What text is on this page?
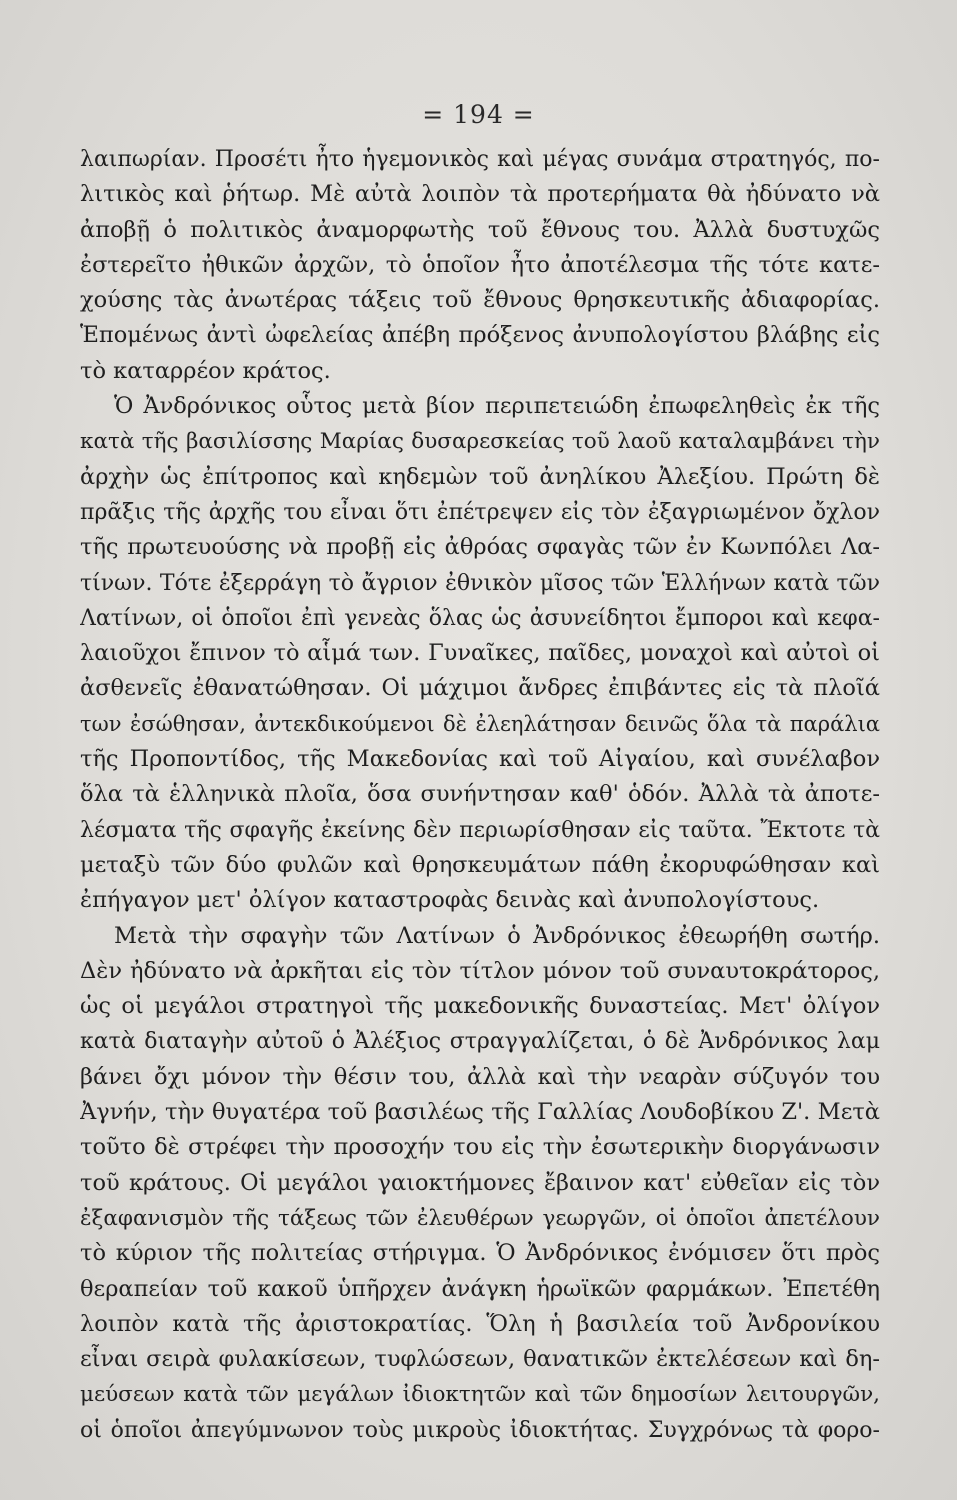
= 194 =
λαιπωρίαν. Προσέτι ἦτο ἡγεμονικὸς καὶ μέγας συνάμα στρατηγός, πο-
λιτικὸς καὶ ῥήτωρ. Μὲ αὐτὰ λοιπὸν τὰ προτερήματα θὰ ἠδύνατο νὰ
ἀποβῇ ὁ πολιτικὸς ἀναμορφωτὴς τοῦ ἔθνους του. Ἀλλὰ δυστυχῶς
ἐστερεῖτο ἠθικῶν ἀρχῶν, τὸ ὁποῖον ἦτο ἀποτέλεσμα τῆς τότε κατε-
χούσης τὰς ἀνωτέρας τάξεις τοῦ ἔθνους θρησκευτικῆς ἀδιαφορίας.
Ἑπομένως ἀντὶ ὠφελείας ἀπέβη πρόξενος ἀνυπολογίστου βλάβης εἰς
τὸ καταρρέον κράτος.
Ὁ Ἀνδρόνικος οὗτος μετὰ βίον περιπετειώδη ἐπωφεληθεὶς ἐκ τῆς
κατὰ τῆς βασιλίσσης Μαρίας δυσαρεσκείας τοῦ λαοῦ καταλαμβάνει τὴν
ἀρχὴν ὡς ἐπίτροπος καὶ κηδεμὼν τοῦ ἀνηλίκου Ἀλεξίου. Πρώτη δὲ
πρᾶξις τῆς ἀρχῆς του εἶναι ὅτι ἐπέτρεψεν εἰς τὸν ἐξαγριωμένον ὄχλον
τῆς πρωτευούσης νὰ προβῇ εἰς ἀθρόας σφαγὰς τῶν ἐν Κωνπόλει Λα-
τίνων. Τότε ἐξερράγη τὸ ἄγριον ἐθνικὸν μῖσος τῶν Ἑλλήνων κατὰ τῶν
Λατίνων, οἱ ὁποῖοι ἐπὶ γενεὰς ὅλας ὡς ἀσυνείδητοι ἔμποροι καὶ κεφα-
λαιοῦχοι ἔπινον τὸ αἷμά των. Γυναῖκες, παῖδες, μοναχοὶ καὶ αὐτοὶ οἱ
ἀσθενεῖς ἐθανατώθησαν. Οἱ μάχιμοι ἄνδρες ἐπιβάντες εἰς τὰ πλοῖά
των ἐσώθησαν, ἀντεκδικούμενοι δὲ ἐλεηλάτησαν δεινῶς ὅλα τὰ παράλια
τῆς Προποντίδος, τῆς Μακεδονίας καὶ τοῦ Αἰγαίου, καὶ συνέλαβον
ὅλα τὰ ἑλληνικὰ πλοῖα, ὅσα συνήντησαν καθ' ὁδόν. Ἀλλὰ τὰ ἀποτε-
λέσματα τῆς σφαγῆς ἐκείνης δὲν περιωρίσθησαν εἰς ταῦτα. Ἔκτοτε τὰ
μεταξὺ τῶν δύο φυλῶν καὶ θρησκευμάτων πάθη ἐκορυφώθησαν καὶ
ἐπήγαγον μετ' ὀλίγον καταστροφὰς δεινὰς καὶ ἀνυπολογίστους.
Μετὰ τὴν σφαγὴν τῶν Λατίνων ὁ Ἀνδρόνικος ἐθεωρήθη σωτήρ.
Δὲν ἠδύνατο νὰ ἀρκῆται εἰς τὸν τίτλον μόνον τοῦ συναυτοκράτορος,
ὡς οἱ μεγάλοι στρατηγοὶ τῆς μακεδονικῆς δυναστείας. Μετ' ὀλίγον
κατὰ διαταγὴν αὐτοῦ ὁ Ἀλέξιος στραγγαλίζεται, ὁ δὲ Ἀνδρόνικος λαμ
βάνει ὄχι μόνον τὴν θέσιν του, ἀλλὰ καὶ τὴν νεαρὰν σύζυγόν του
Ἀγνήν, τὴν θυγατέρα τοῦ βασιλέως τῆς Γαλλίας Λουδοβίκου Ζ'. Μετὰ
τοῦτο δὲ στρέφει τὴν προσοχήν του εἰς τὴν ἐσωτερικὴν διοργάνωσιν
τοῦ κράτους. Οἱ μεγάλοι γαιοκτήμονες ἔβαινον κατ' εὐθεῖαν εἰς τὸν
ἐξαφανισμὸν τῆς τάξεως τῶν ἐλευθέρων γεωργῶν, οἱ ὁποῖοι ἀπετέλουν
τὸ κύριον τῆς πολιτείας στήριγμα. Ὁ Ἀνδρόνικος ἐνόμισεν ὅτι πρὸς
θεραπείαν τοῦ κακοῦ ὑπῆρχεν ἀνάγκη ἡρωϊκῶν φαρμάκων. Ἐπετέθη
λοιπὸν κατὰ τῆς ἀριστοκρατίας. Ὅλη ἡ βασιλεία τοῦ Ἀνδρονίκου
εἶναι σειρὰ φυλακίσεων, τυφλώσεων, θανατικῶν ἐκτελέσεων καὶ δη-
μεύσεων κατὰ τῶν μεγάλων ἰδιοκτητῶν καὶ τῶν δημοσίων λειτουργῶν,
οἱ ὁποῖοι ἀπεγύμνωνον τοὺς μικροὺς ἰδιοκτήτας. Συγχρόνως τὰ φορο-
